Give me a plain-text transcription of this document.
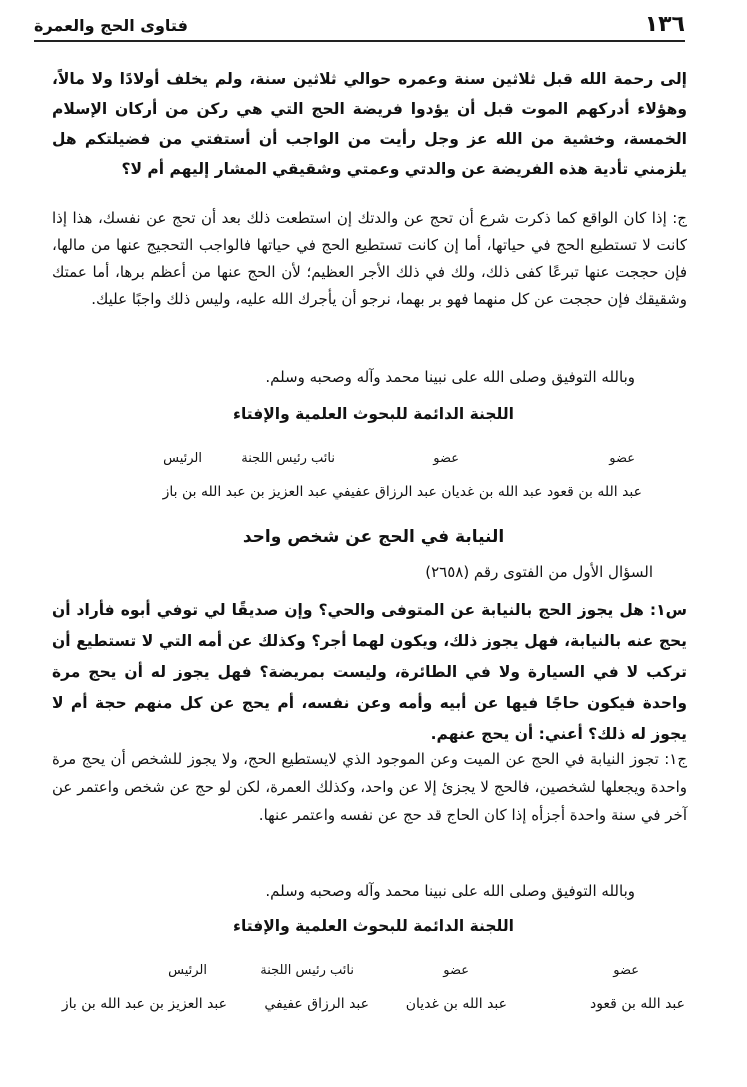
١٣٦
فتاوى الحج والعمرة
إلى رحمة الله قبل ثلاثين سنة وعمره حوالي ثلاثين سنة، ولم يخلف أولادًا ولا مالاً، وهؤلاء أدركهم الموت قبل أن يؤدوا فريضة الحج التي هي ركن من أركان الإسلام الخمسة، وخشية من الله عز وجل رأيت من الواجب أن أستفتي من فضيلتكم هل يلزمني تأدية هذه الفريضة عن والدتي وعمتي وشقيقي المشار إليهم أم لا؟
ج: إذا كان الواقع كما ذكرت شرع أن تحج عن والدتك إن استطعت ذلك بعد أن تحج عن نفسك، هذا إذا كانت لا تستطيع الحج في حياتها، أما إن كانت تستطيع الحج في حياتها فالواجب التحجيج عنها من مالها، فإن حججت عنها تبرعًا كفى ذلك، ولك في ذلك الأجر العظيم؛ لأن الحج عنها من أعظم برها، أما عمتك وشقيقك فإن حججت عن كل منهما فهو بر بهما، نرجو أن يأجرك الله عليه، وليس ذلك واجبًا عليك.
وبالله التوفيق وصلى الله على نبينا محمد وآله وصحبه وسلم.
اللجنة الدائمة للبحوث العلمية والإفتاء
عضو
عضو
نائب رئيس اللجنة
الرئيس
عبد الله بن قعود عبد الله بن غديان عبد الرزاق عفيفي عبد العزيز بن عبد الله بن باز
النيابة في الحج عن شخص واحد
السؤال الأول من الفتوى رقم (٢٦٥٨)
س١: هل يجوز الحج بالنيابة عن المتوفى والحي؟ وإن صديقًا لي توفي أبوه فأراد أن يحج عنه بالنيابة، فهل يجوز ذلك، ويكون لهما أجر؟ وكذلك عن أمه التي لا تستطيع أن تركب لا في السيارة ولا في الطائرة، وليست بمريضة؟ فهل يجوز له أن يحج مرة واحدة فيكون حاجًا فيها عن أبيه وأمه وعن نفسه، أم يحج عن كل منهم حجة أم لا يجوز له ذلك؟ أعني: أن يحج عنهم.
ج١: تجوز النيابة في الحج عن الميت وعن الموجود الذي لايستطيع الحج، ولا يجوز للشخص أن يحج مرة واحدة ويجعلها لشخصين، فالحج لا يجزئ إلا عن واحد، وكذلك العمرة، لكن لو حج عن شخص واعتمر عن آخر في سنة واحدة أجزأه إذا كان الحاج قد حج عن نفسه واعتمر عنها.
وبالله التوفيق وصلى الله على نبينا محمد وآله وصحبه وسلم.
اللجنة الدائمة للبحوث العلمية والإفتاء
عضو
عضو
نائب رئيس اللجنة
الرئيس
عبد الله بن قعود
عبد الله بن غديان
عبد الرزاق عفيفي
عبد العزيز بن عبد الله بن باز
